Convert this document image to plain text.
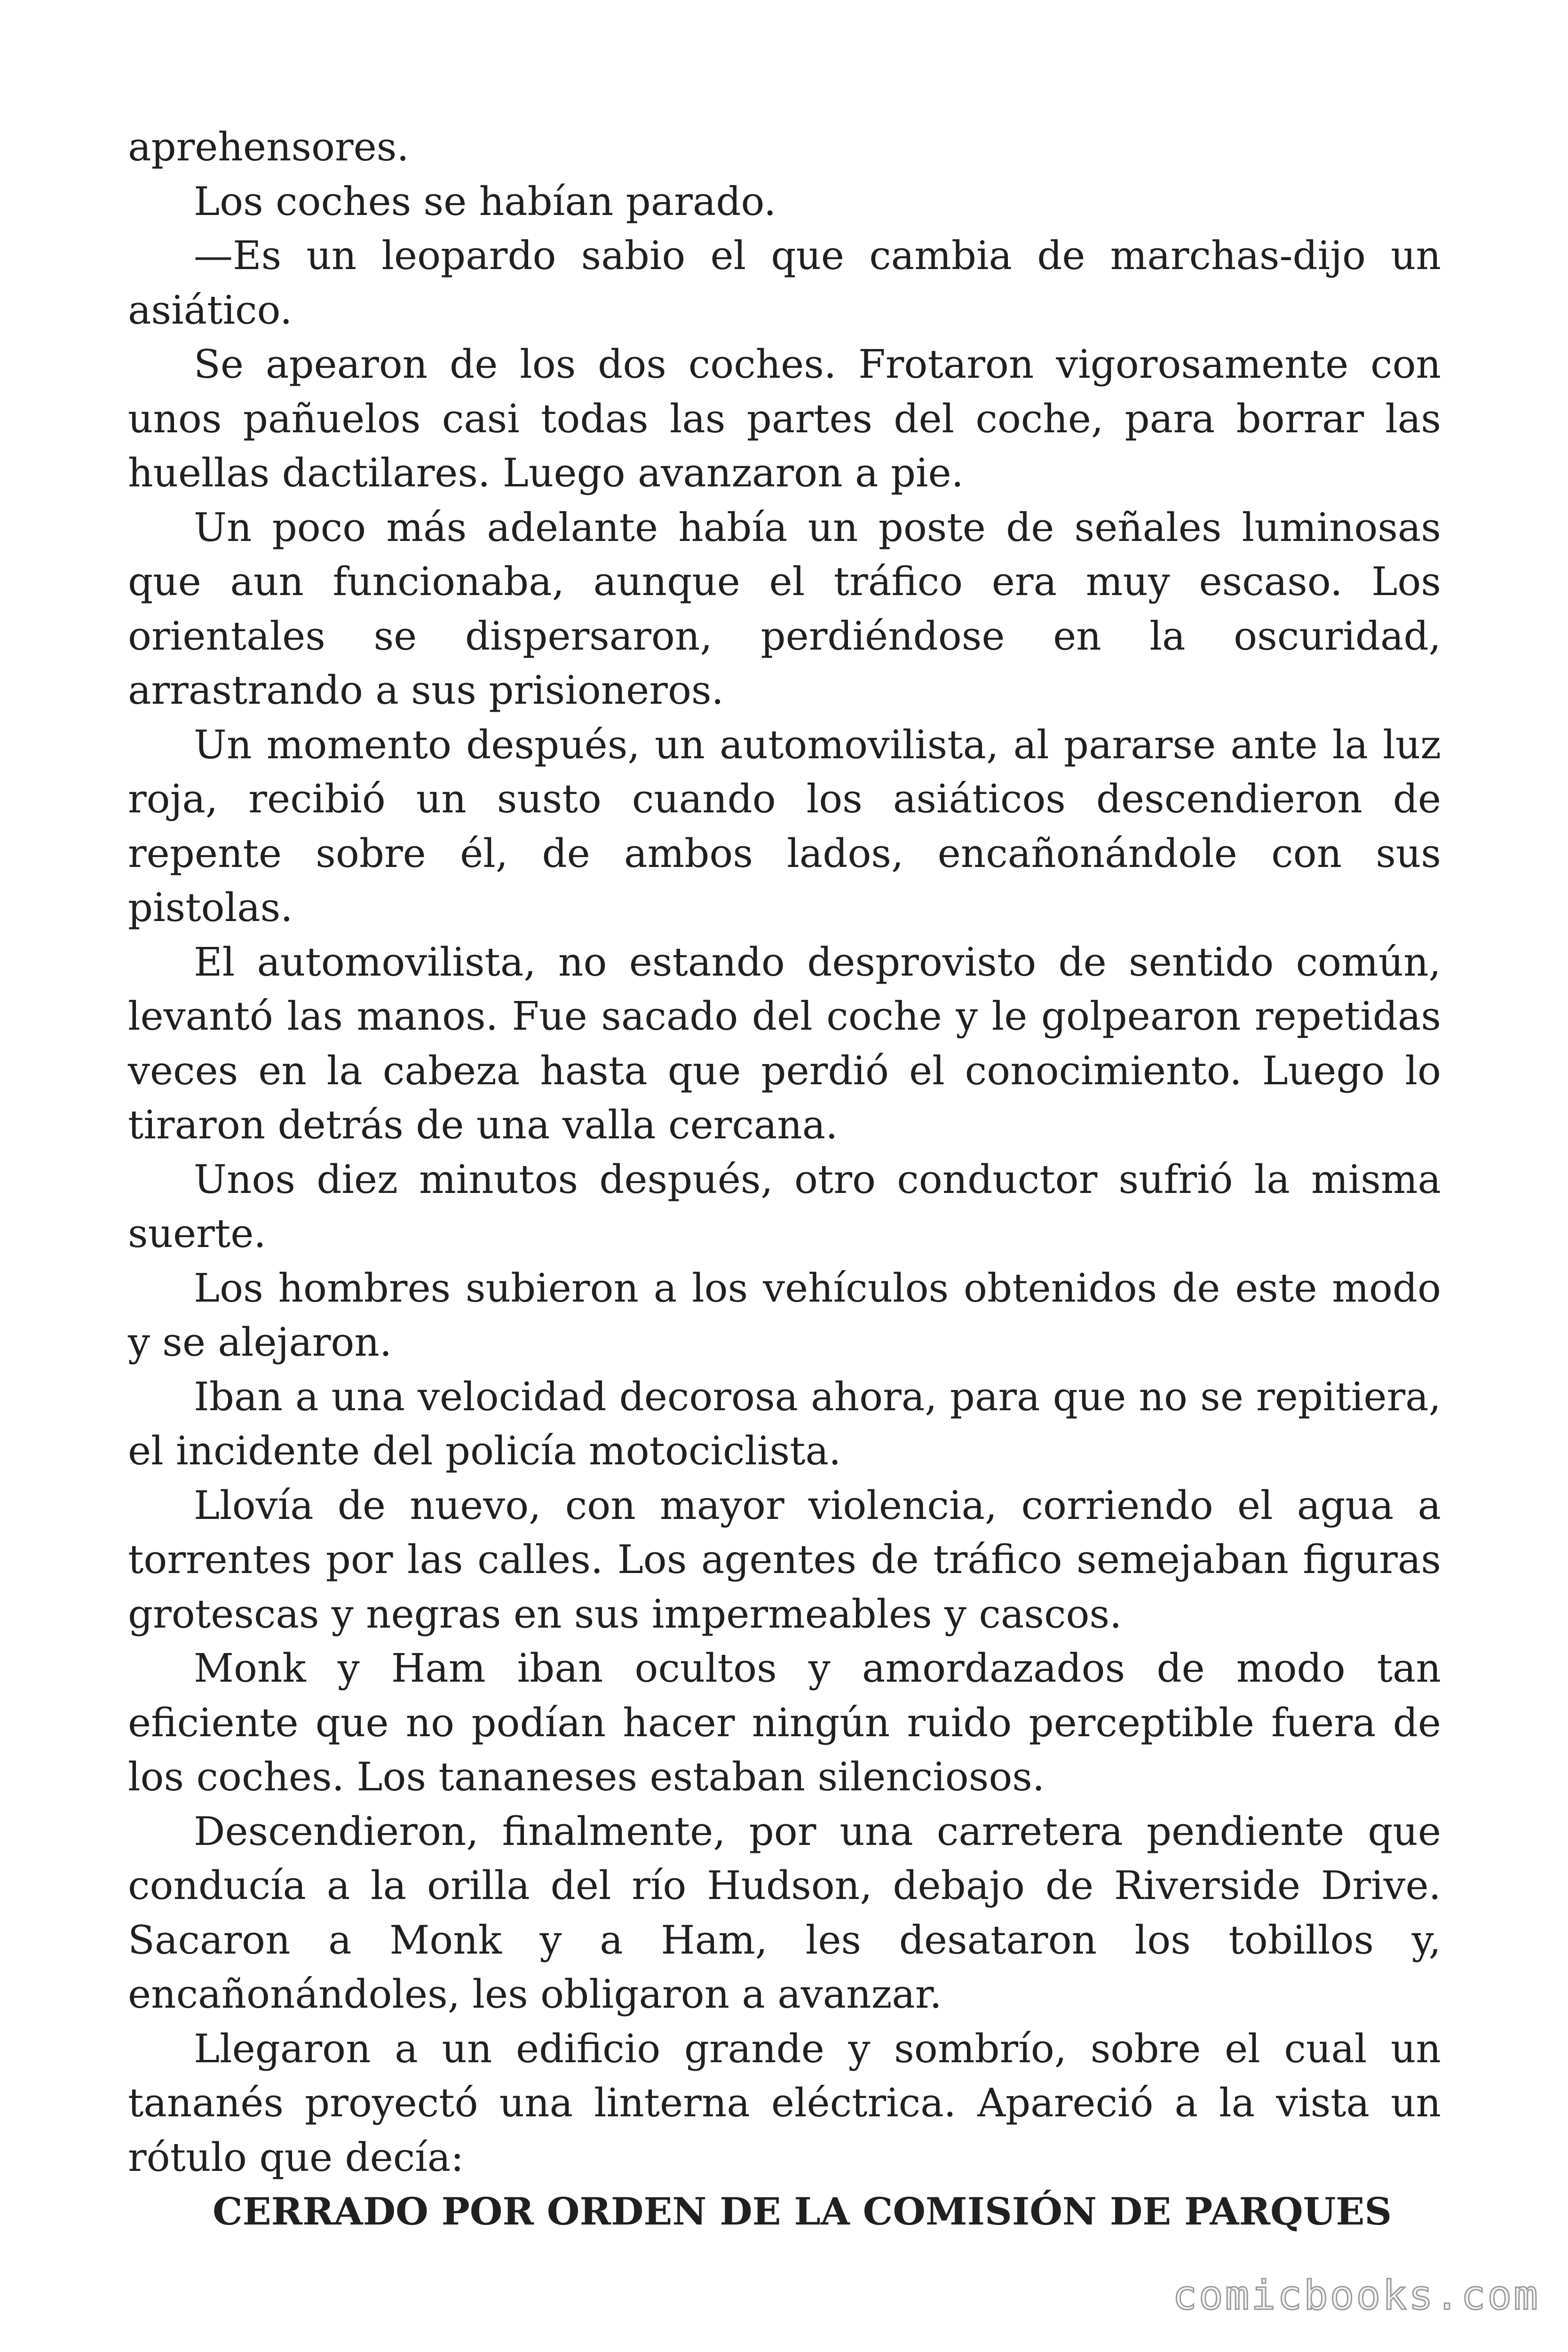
aprehensores.

Los coches se habían parado.

—Es un leopardo sabio el que cambia de marchas-dijo un asiático.

Se apearon de los dos coches. Frotaron vigorosamente con unos pañuelos casi todas las partes del coche, para borrar las huellas dactilares. Luego avanzaron a pie.

Un poco más adelante había un poste de señales luminosas que aun funcionaba, aunque el tráfico era muy escaso. Los orientales se dispersaron, perdiéndose en la oscuridad, arrastrando a sus prisioneros.

Un momento después, un automovilista, al pararse ante la luz roja, recibió un susto cuando los asiáticos descendieron de repente sobre él, de ambos lados, encañonándole con sus pistolas.

El automovilista, no estando desprovisto de sentido común, levantó las manos. Fue sacado del coche y le golpearon repetidas veces en la cabeza hasta que perdió el conocimiento. Luego lo tiraron detrás de una valla cercana.

Unos diez minutos después, otro conductor sufrió la misma suerte.

Los hombres subieron a los vehículos obtenidos de este modo y se alejaron.

Iban a una velocidad decorosa ahora, para que no se repitiera, el incidente del policía motociclista.

Llovía de nuevo, con mayor violencia, corriendo el agua a torrentes por las calles. Los agentes de tráfico semejaban figuras grotescas y negras en sus impermeables y cascos.

Monk y Ham iban ocultos y amordazados de modo tan eficiente que no podían hacer ningún ruido perceptible fuera de los coches. Los tananeses estaban silenciosos.

Descendieron, finalmente, por una carretera pendiente que conducía a la orilla del río Hudson, debajo de Riverside Drive. Sacaron a Monk y a Ham, les desataron los tobillos y, encañonándoles, les obligaron a avanzar.

Llegaron a un edificio grande y sombrío, sobre el cual un tananés proyectó una linterna eléctrica. Apareció a la vista un rótulo que decía:

CERRADO POR ORDEN DE LA COMISIÓN DE PARQUES

comicbooks.com
